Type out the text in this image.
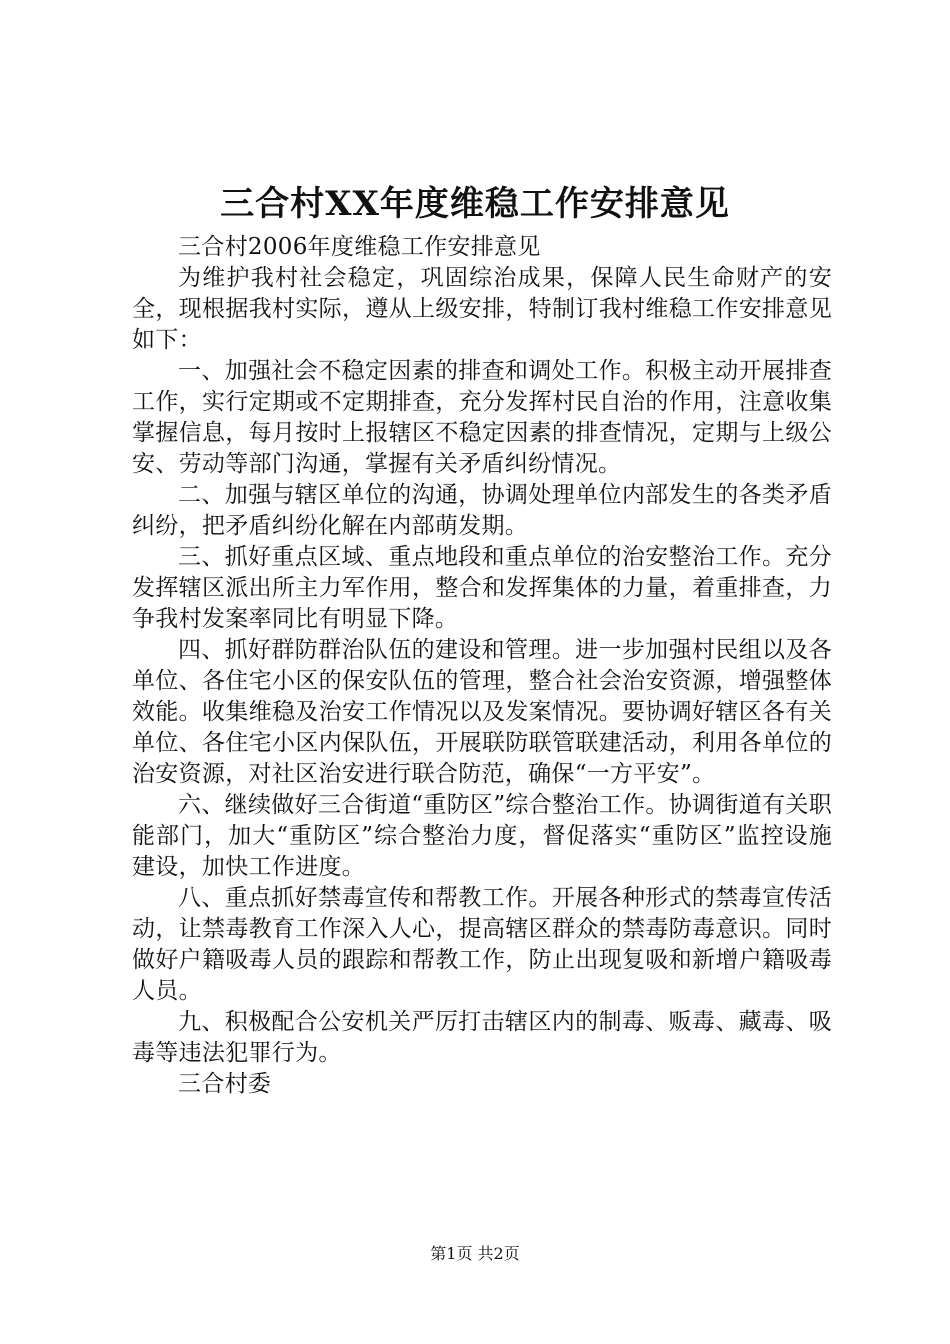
三合村XX年度维稳工作安排意见

三合村2006年度维稳工作安排意见

为维护我村社会稳定，巩固综治成果，保障人民生命财产的安全，现根据我村实际，遵从上级安排，特制订我村维稳工作安排意见如下：

一、加强社会不稳定因素的排查和调处工作。积极主动开展排查工作，实行定期或不定期排查，充分发挥村民自治的作用，注意收集掌握信息，每月按时上报辖区不稳定因素的排查情况，定期与上级公安、劳动等部门沟通，掌握有关矛盾纠纷情况。

二、加强与辖区单位的沟通，协调处理单位内部发生的各类矛盾纠纷，把矛盾纠纷化解在内部萌发期。

三、抓好重点区域、重点地段和重点单位的治安整治工作。充分发挥辖区派出所主力军作用，整合和发挥集体的力量，着重排查，力争我村发案率同比有明显下降。

四、抓好群防群治队伍的建设和管理。进一步加强村民组以及各单位、各住宅小区的保安队伍的管理，整合社会治安资源，增强整体效能。收集维稳及治安工作情况以及发案情况。要协调好辖区各有关单位、各住宅小区内保队伍，开展联防联管联建活动，利用各单位的治安资源，对社区治安进行联合防范，确保“一方平安”。

六、继续做好三合街道“重防区”综合整治工作。协调街道有关职能部门，加大“重防区”综合整治力度，督促落实“重防区”监控设施建设，加快工作进度。

八、重点抓好禁毒宣传和帮教工作。开展各种形式的禁毒宣传活动，让禁毒教育工作深入人心，提高辖区群众的禁毒防毒意识。同时做好户籍吸毒人员的跟踪和帮教工作，防止出现复吸和新增户籍吸毒人员。

九、积极配合公安机关严厉打击辖区内的制毒、贩毒、藏毒、吸毒等违法犯罪行为。

三合村委

第1页 共2页
